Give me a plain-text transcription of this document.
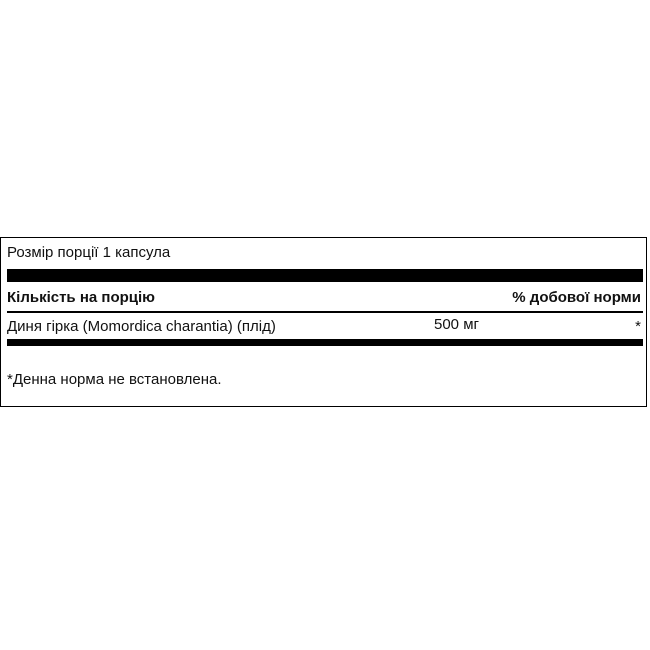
Розмір порції 1 капсула
Кількість на порцію	% добової норми
Диня гірка (Momordica charantia) (плід)	500 мг	*
*Денна норма не встановлена.
